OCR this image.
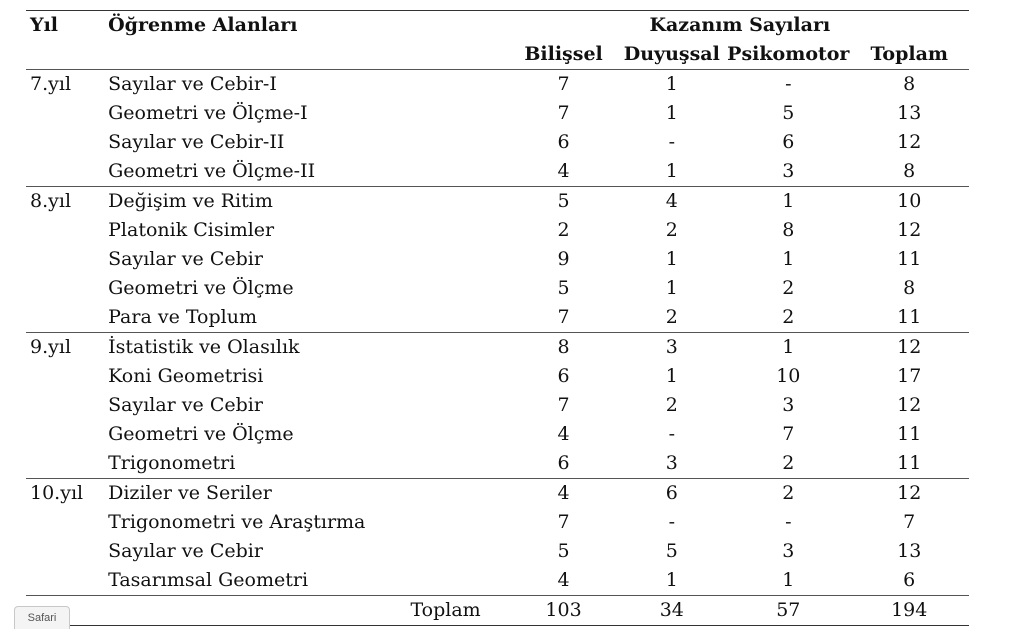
Yıl	Öğrenme Alanları	Kazanım Sayıları			
		Bilişsel	Duyuşsal	Psikomotor	Toplam
7.yıl	Sayılar ve Cebir-I	7	1	-	8
	Geometri ve Ölçme-I	7	1	5	13
	Sayılar ve Cebir-II	6	-	6	12
	Geometri ve Ölçme-II	4	1	3	8
8.yıl	Değişim ve Ritim	5	4	1	10
	Platonik Cisimler	2	2	8	12
	Sayılar ve Cebir	9	1	1	11
	Geometri ve Ölçme	5	1	2	8
	Para ve Toplum	7	2	2	11
9.yıl	İstatistik ve Olasılık	8	3	1	12
	Koni Geometrisi	6	1	10	17
	Sayılar ve Cebir	7	2	3	12
	Geometri ve Ölçme	4	-	7	11
	Trigonometri	6	3	2	11
10.yıl	Diziler ve Seriler	4	6	2	12
	Trigonometri ve Araştırma	7	-	-	7
	Sayılar ve Cebir	5	5	3	13
	Tasarımsal Geometri	4	1	1	6
	Toplam	103	34	57	194
Safari
